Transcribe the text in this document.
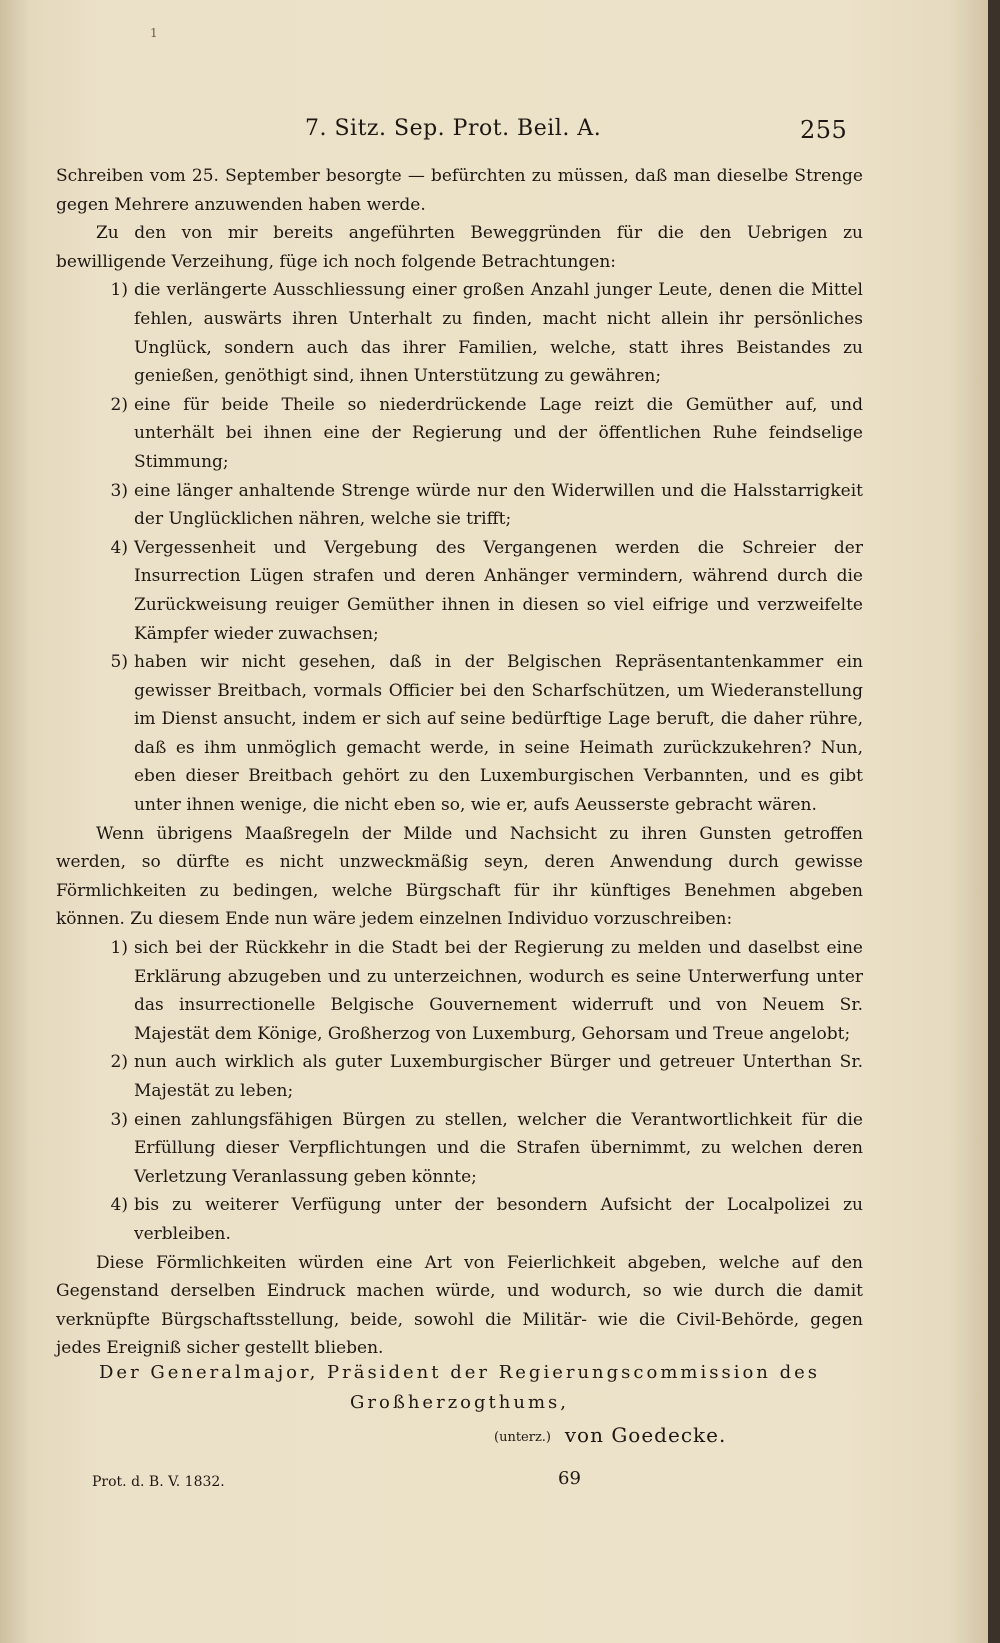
1
7. Sitz. Sep. Prot. Beil. A.	255

Schreiben vom 25. September besorgte — befürchten zu müssen, daß man dieselbe Strenge gegen Mehrere anzuwenden haben werde.

Zu den von mir bereits angeführten Beweggründen für die den Uebrigen zu bewilligende Verzeihung, füge ich noch folgende Betrachtungen:

1) die verlängerte Ausschliessung einer großen Anzahl junger Leute, denen die Mittel fehlen, auswärts ihren Unterhalt zu finden, macht nicht allein ihr persönliches Unglück, sondern auch das ihrer Familien, welche, statt ihres Beistandes zu genießen, genöthigt sind, ihnen Unterstützung zu gewähren;
2) eine für beide Theile so niederdrückende Lage reizt die Gemüther auf, und unterhält bei ihnen eine der Regierung und der öffentlichen Ruhe feindselige Stimmung;
3) eine länger anhaltende Strenge würde nur den Widerwillen und die Halsstarrigkeit der Unglücklichen nähren, welche sie trifft;
4) Vergessenheit und Vergebung des Vergangenen werden die Schreier der Insurrection Lügen strafen und deren Anhänger vermindern, während durch die Zurückweisung reuiger Gemüther ihnen in diesen so viel eifrige und verzweifelte Kämpfer wieder zuwachsen;
5) haben wir nicht gesehen, daß in der Belgischen Repräsentantenkammer ein gewisser Breitbach, vormals Officier bei den Scharfschützen, um Wiederanstellung im Dienst ansucht, indem er sich auf seine bedürftige Lage beruft, die daher rühre, daß es ihm unmöglich gemacht werde, in seine Heimath zurückzukehren? Nun, eben dieser Breitbach gehört zu den Luxemburgischen Verbannten, und es gibt unter ihnen wenige, die nicht eben so, wie er, aufs Aeusserste gebracht wären.

Wenn übrigens Maaßregeln der Milde und Nachsicht zu ihren Gunsten getroffen werden, so dürfte es nicht unzweckmäßig seyn, deren Anwendung durch gewisse Förmlichkeiten zu bedingen, welche Bürgschaft für ihr künftiges Benehmen abgeben können. Zu diesem Ende nun wäre jedem einzelnen Individuo vorzuschreiben:

1) sich bei der Rückkehr in die Stadt bei der Regierung zu melden und daselbst eine Erklärung abzugeben und zu unterzeichnen, wodurch es seine Unterwerfung unter das insurrectionelle Belgische Gouvernement widerruft und von Neuem Sr. Majestät dem Könige, Großherzog von Luxemburg, Gehorsam und Treue angelobt;
2) nun auch wirklich als guter Luxemburgischer Bürger und getreuer Unterthan Sr. Majestät zu leben;
3) einen zahlungsfähigen Bürgen zu stellen, welcher die Verantwortlichkeit für die Erfüllung dieser Verpflichtungen und die Strafen übernimmt, zu welchen deren Verletzung Veranlassung geben könnte;
4) bis zu weiterer Verfügung unter der besondern Aufsicht der Localpolizei zu verbleiben.

Diese Förmlichkeiten würden eine Art von Feierlichkeit abgeben, welche auf den Gegenstand derselben Eindruck machen würde, und wodurch, so wie durch die damit verknüpfte Bürgschaftsstellung, beide, sowohl die Militär- wie die Civil-Behörde, gegen jedes Ereigniß sicher gestellt blieben.

Der Generalmajor, Präsident der Regierungscommission des
Großherzogthums,
(unterz.) von Goedecke.
Prot. d. B. V. 1832.	69
